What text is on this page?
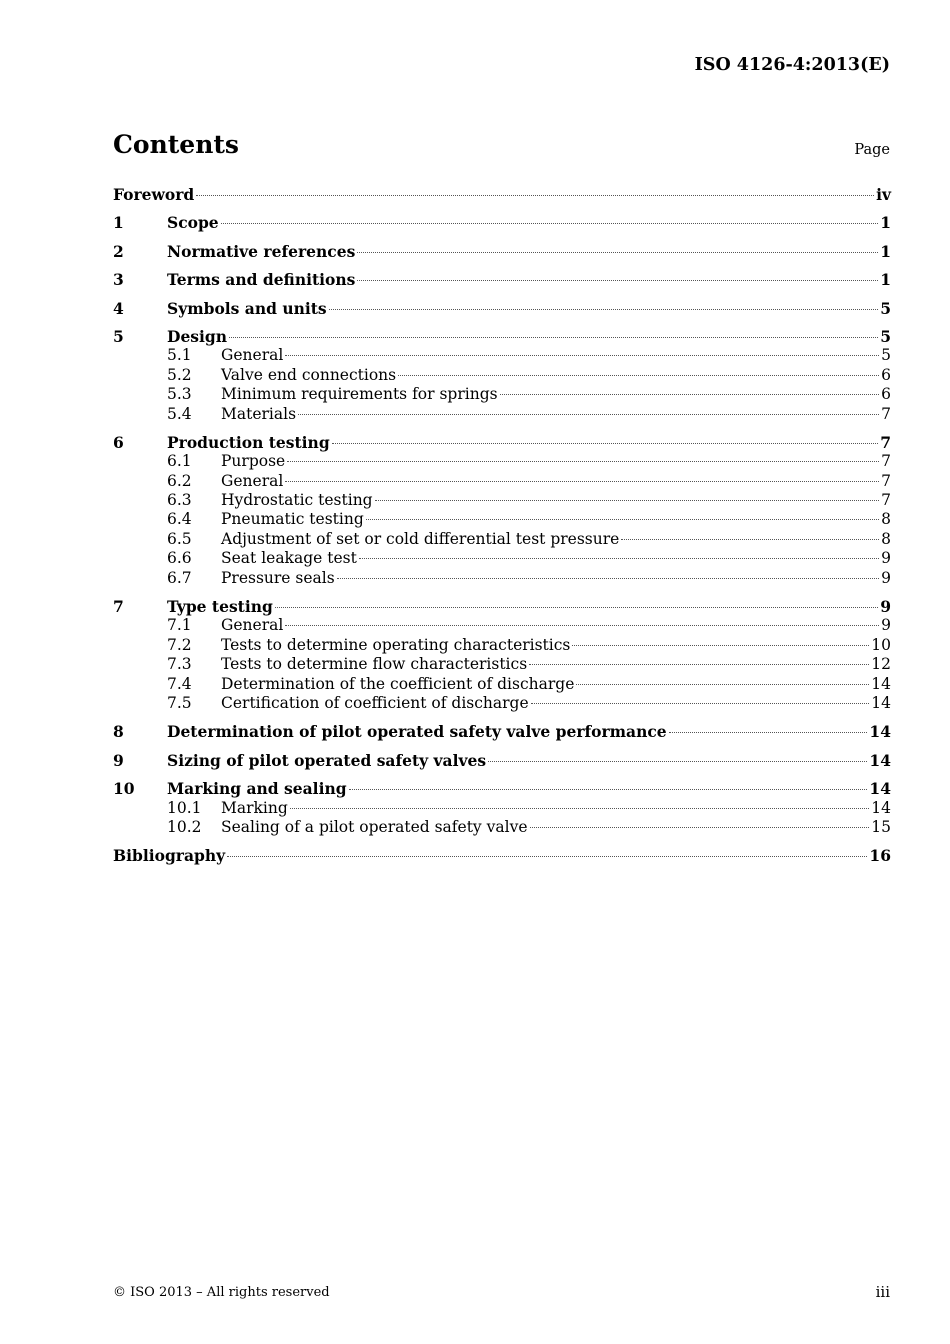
ISO 4126-4:2013(E)
Contents	Page
Foreword	iv
1	Scope	1
2	Normative references	1
3	Terms and definitions	1
4	Symbols and units	5
5	Design	5
5.1	General	5
5.2	Valve end connections	6
5.3	Minimum requirements for springs	6
5.4	Materials	7
6	Production testing	7
6.1	Purpose	7
6.2	General	7
6.3	Hydrostatic testing	7
6.4	Pneumatic testing	8
6.5	Adjustment of set or cold differential test pressure	8
6.6	Seat leakage test	9
6.7	Pressure seals	9
7	Type testing	9
7.1	General	9
7.2	Tests to determine operating characteristics	10
7.3	Tests to determine flow characteristics	12
7.4	Determination of the coefficient of discharge	14
7.5	Certification of coefficient of discharge	14
8	Determination of pilot operated safety valve performance	14
9	Sizing of pilot operated safety valves	14
10	Marking and sealing	14
10.1	Marking	14
10.2	Sealing of a pilot operated safety valve	15
Bibliography	16
© ISO 2013 – All rights reserved	iii
